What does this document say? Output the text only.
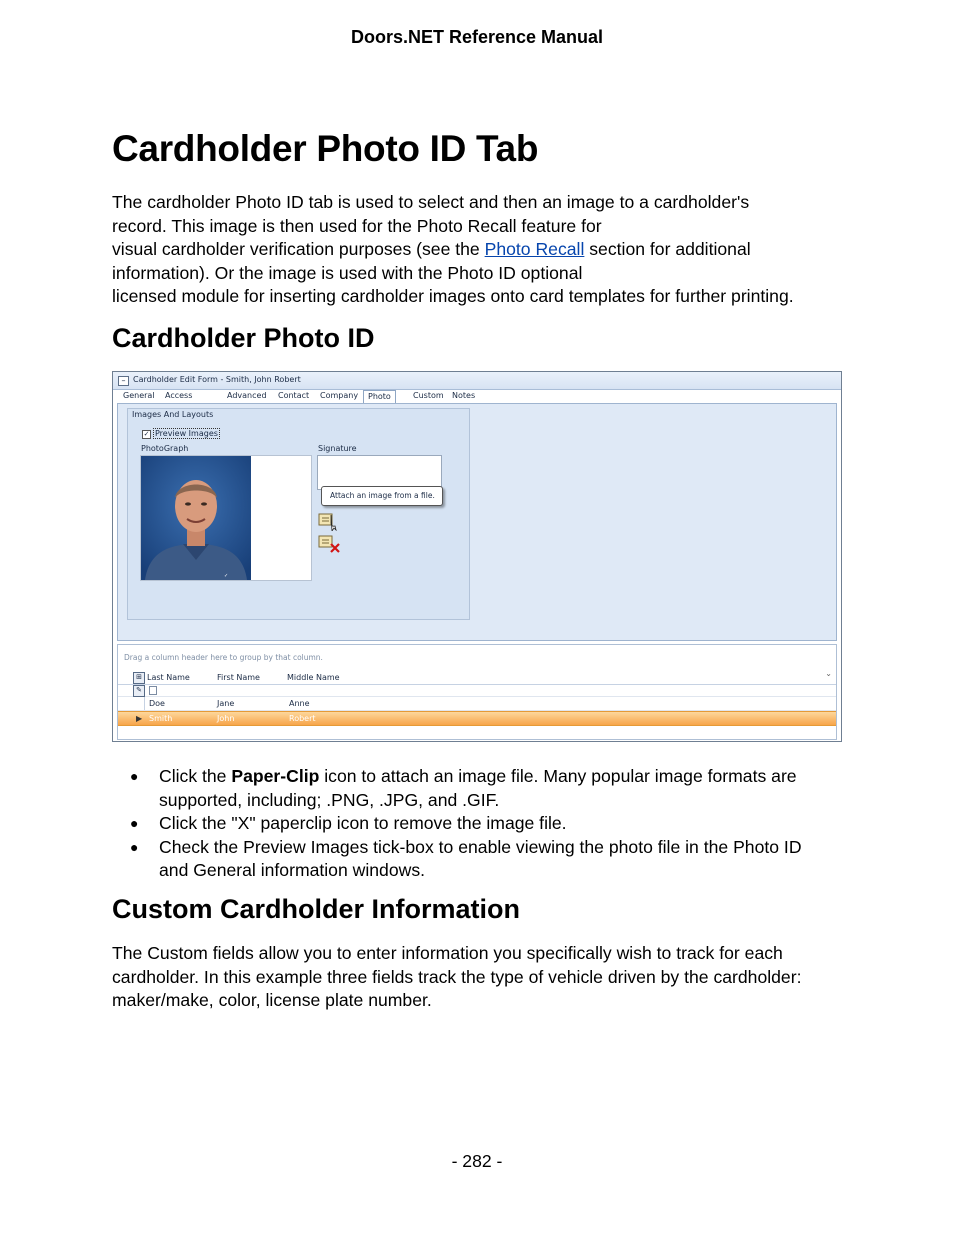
Doors.NET Reference Manual
Cardholder Photo ID Tab

The cardholder Photo ID tab is used to select and then an image to a cardholder's
record. This image is then used for the Photo Recall feature for
visual cardholder verification purposes (see the Photo Recall section for additional
information). Or the image is used with the Photo ID optional
licensed module for inserting cardholder images onto card templates for further printing.

Cardholder Photo ID
– Cardholder Edit Form - Smith, John Robert
General	Access	Advanced	Contact	Company	Photo	Custom	Notes
Images And Layouts
✓ Preview Images
PhotoGraph
✓
Signature
Attach an image from a file.
Drag a column header here to group by that column.
⌄
⊞ Last Name	First Name	Middle Name
✎
Doe	Jane	Anne
▶ Smith	John	Robert
● Click the Paper-Clip icon to attach an image file. Many popular image formats are
supported, including; .PNG, .JPG, and .GIF.
● Click the "X" paperclip icon to remove the image file.
● Check the Preview Images tick-box to enable viewing the photo file in the Photo ID
and General information windows.
Custom Cardholder Information

The Custom fields allow you to enter information you specifically wish to track for each
cardholder. In this example three fields track the type of vehicle driven by the cardholder:
maker/make, color, license plate number.

- 282 -
